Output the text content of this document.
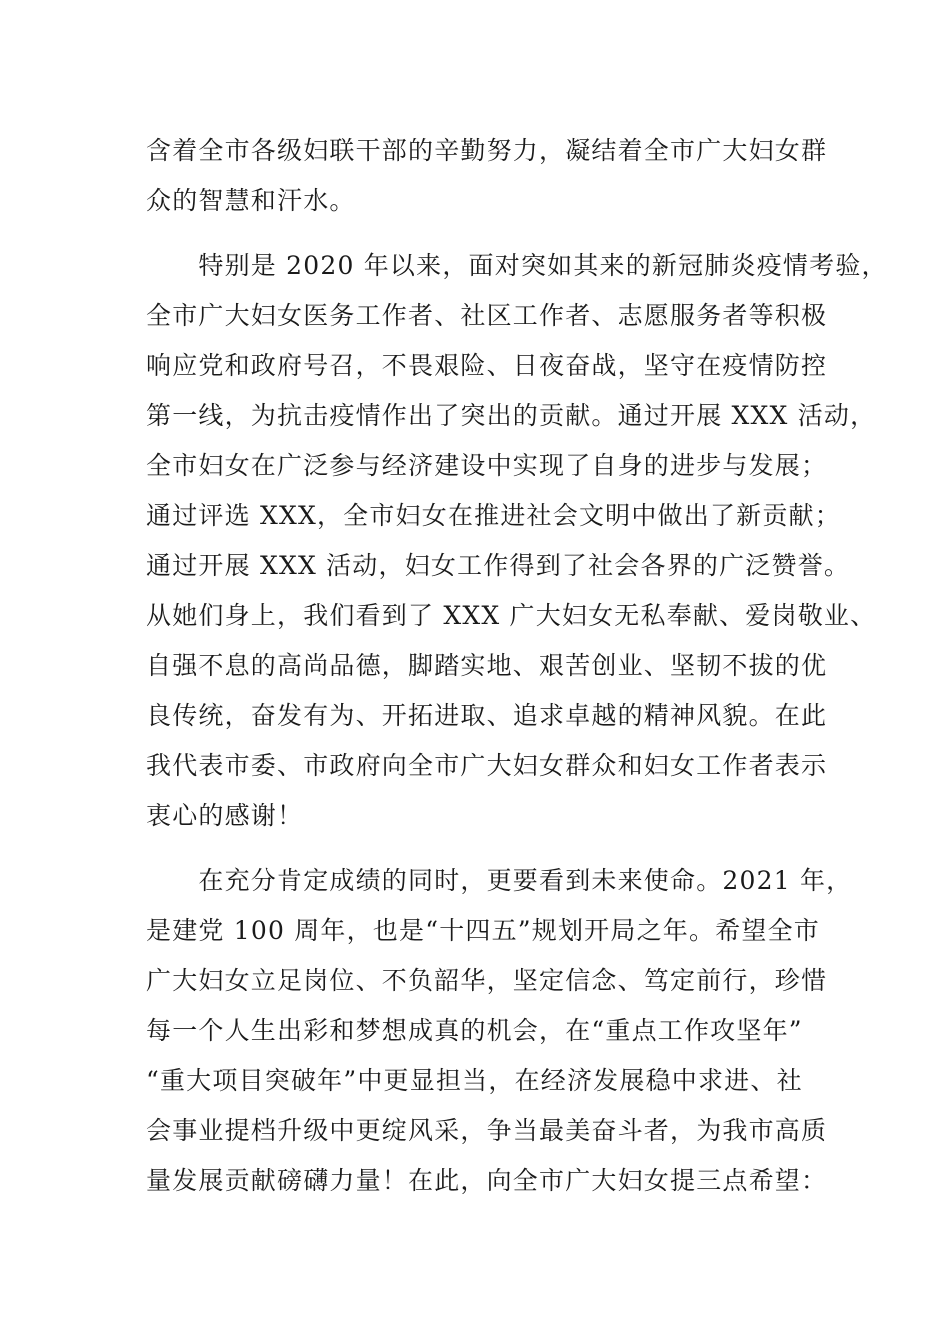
含着全市各级妇联干部的辛勤努力，凝结着全市广大妇女群
众的智慧和汗水。

　　特别是 2020 年以来，面对突如其来的新冠肺炎疫情考验，
全市广大妇女医务工作者、社区工作者、志愿服务者等积极
响应党和政府号召，不畏艰险、日夜奋战，坚守在疫情防控
第一线，为抗击疫情作出了突出的贡献。通过开展 XXX 活动，
全市妇女在广泛参与经济建设中实现了自身的进步与发展；
通过评选 XXX，全市妇女在推进社会文明中做出了新贡献；
通过开展 XXX 活动，妇女工作得到了社会各界的广泛赞誉。
从她们身上，我们看到了 XXX 广大妇女无私奉献、爱岗敬业、
自强不息的高尚品德，脚踏实地、艰苦创业、坚韧不拔的优
良传统，奋发有为、开拓进取、追求卓越的精神风貌。在此
我代表市委、市政府向全市广大妇女群众和妇女工作者表示
衷心的感谢！

　　在充分肯定成绩的同时，更要看到未来使命。2021 年，
是建党 100 周年，也是“十四五”规划开局之年。希望全市
广大妇女立足岗位、不负韶华，坚定信念、笃定前行，珍惜
每一个人生出彩和梦想成真的机会，在“重点工作攻坚年”
“重大项目突破年”中更显担当，在经济发展稳中求进、社
会事业提档升级中更绽风采，争当最美奋斗者，为我市高质
量发展贡献磅礴力量！在此，向全市广大妇女提三点希望：
